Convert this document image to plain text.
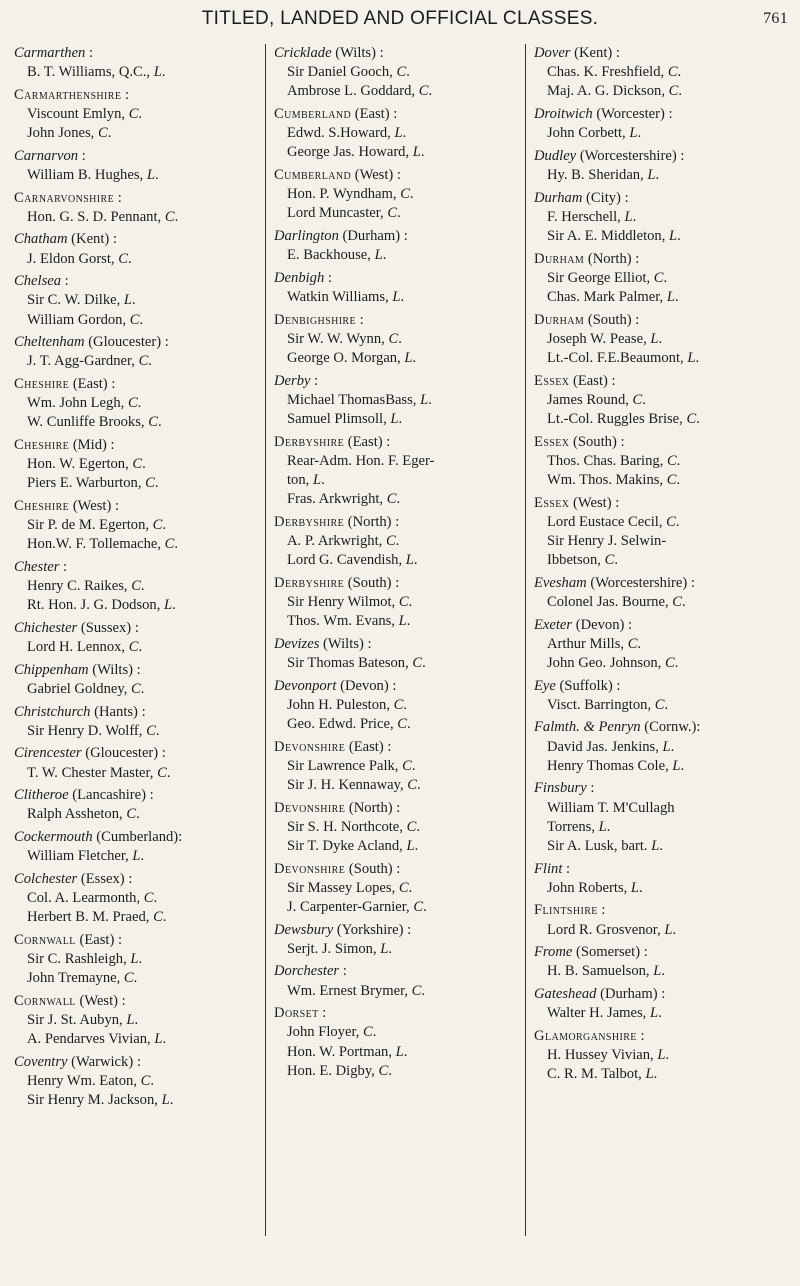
TITLED, LANDED AND OFFICIAL CLASSES.	761
Carmarthen :
B. T. Williams, Q.C., L.
Carmarthenshire :
Viscount Emlyn, C.
John Jones, C.
Carnarvon :
William B. Hughes, L.
Carnarvonshire :
Hon. G. S. D. Pennant, C.
Chatham (Kent) :
J. Eldon Gorst, C.
Chelsea :
Sir C. W. Dilke, L.
William Gordon, C.
Cheltenham (Gloucester) :
J. T. Agg-Gardner, C.
Cheshire (East) :
Wm. John Legh, C.
W. Cunliffe Brooks, C.
Cheshire (Mid) :
Hon. W. Egerton, C.
Piers E. Warburton, C.
Cheshire (West) :
Sir P. de M. Egerton, C.
Hon.W. F. Tollemache, C.
Chester :
Henry C. Raikes, C.
Rt. Hon. J. G. Dodson, L.
Chichester (Sussex) :
Lord H. Lennox, C.
Chippenham (Wilts) :
Gabriel Goldney, C.
Christchurch (Hants) :
Sir Henry D. Wolff, C.
Cirencester (Gloucester) :
T. W. Chester Master, C.
Clitheroe (Lancashire) :
Ralph Assheton, C.
Cockermouth (Cumberland):
William Fletcher, L.
Colchester (Essex) :
Col. A. Learmonth, C.
Herbert B. M. Praed, C.
Cornwall (East) :
Sir C. Rashleigh, L.
John Tremayne, C.
Cornwall (West) :
Sir J. St. Aubyn, L.
A. Pendarves Vivian, L.
Coventry (Warwick) :
Henry Wm. Eaton, C.
Sir Henry M. Jackson, L.
Cricklade (Wilts) :
Sir Daniel Gooch, C.
Ambrose L. Goddard, C.
Cumberland (East) :
Edwd. S.Howard, L.
George Jas. Howard, L.
Cumberland (West) :
Hon. P. Wyndham, C.
Lord Muncaster, C.
Darlington (Durham) :
E. Backhouse, L.
Denbigh :
Watkin Williams, L.
Denbighshire :
Sir W. W. Wynn, C.
George O. Morgan, L.
Derby :
Michael ThomasBass, L.
Samuel Plimsoll, L.
Derbyshire (East) :
Rear-Adm. Hon. F. Eger-
ton, L.
Fras. Arkwright, C.
Derbyshire (North) :
A. P. Arkwright, C.
Lord G. Cavendish, L.
Derbyshire (South) :
Sir Henry Wilmot, C.
Thos. Wm. Evans, L.
Devizes (Wilts) :
Sir Thomas Bateson, C.
Devonport (Devon) :
John H. Puleston, C.
Geo. Edwd. Price, C.
Devonshire (East) :
Sir Lawrence Palk, C.
Sir J. H. Kennaway, C.
Devonshire (North) :
Sir S. H. Northcote, C.
Sir T. Dyke Acland, L.
Devonshire (South) :
Sir Massey Lopes, C.
J. Carpenter-Garnier, C.
Dewsbury (Yorkshire) :
Serjt. J. Simon, L.
Dorchester :
Wm. Ernest Brymer, C.
Dorset :
John Floyer, C.
Hon. W. Portman, L.
Hon. E. Digby, C.
Dover (Kent) :
Chas. K. Freshfield, C.
Maj. A. G. Dickson, C.
Droitwich (Worcester) :
John Corbett, L.
Dudley (Worcestershire) :
Hy. B. Sheridan, L.
Durham (City) :
F. Herschell, L.
Sir A. E. Middleton, L.
Durham (North) :
Sir George Elliot, C.
Chas. Mark Palmer, L.
Durham (South) :
Joseph W. Pease, L.
Lt.-Col. F.E.Beaumont, L.
Essex (East) :
James Round, C.
Lt.-Col. Ruggles Brise, C.
Essex (South) :
Thos. Chas. Baring, C.
Wm. Thos. Makins, C.
Essex (West) :
Lord Eustace Cecil, C.
Sir Henry J. Selwin-
Ibbetson, C.
Evesham (Worcestershire) :
Colonel Jas. Bourne, C.
Exeter (Devon) :
Arthur Mills, C.
John Geo. Johnson, C.
Eye (Suffolk) :
Visct. Barrington, C.
Falmth. & Penryn (Cornw.):
David Jas. Jenkins, L.
Henry Thomas Cole, L.
Finsbury :
William T. M'Cullagh
Torrens, L.
Sir A. Lusk, bart. L.
Flint :
John Roberts, L.
Flintshire :
Lord R. Grosvenor, L.
Frome (Somerset) :
H. B. Samuelson, L.
Gateshead (Durham) :
Walter H. James, L.
Glamorganshire :
H. Hussey Vivian, L.
C. R. M. Talbot, L.
